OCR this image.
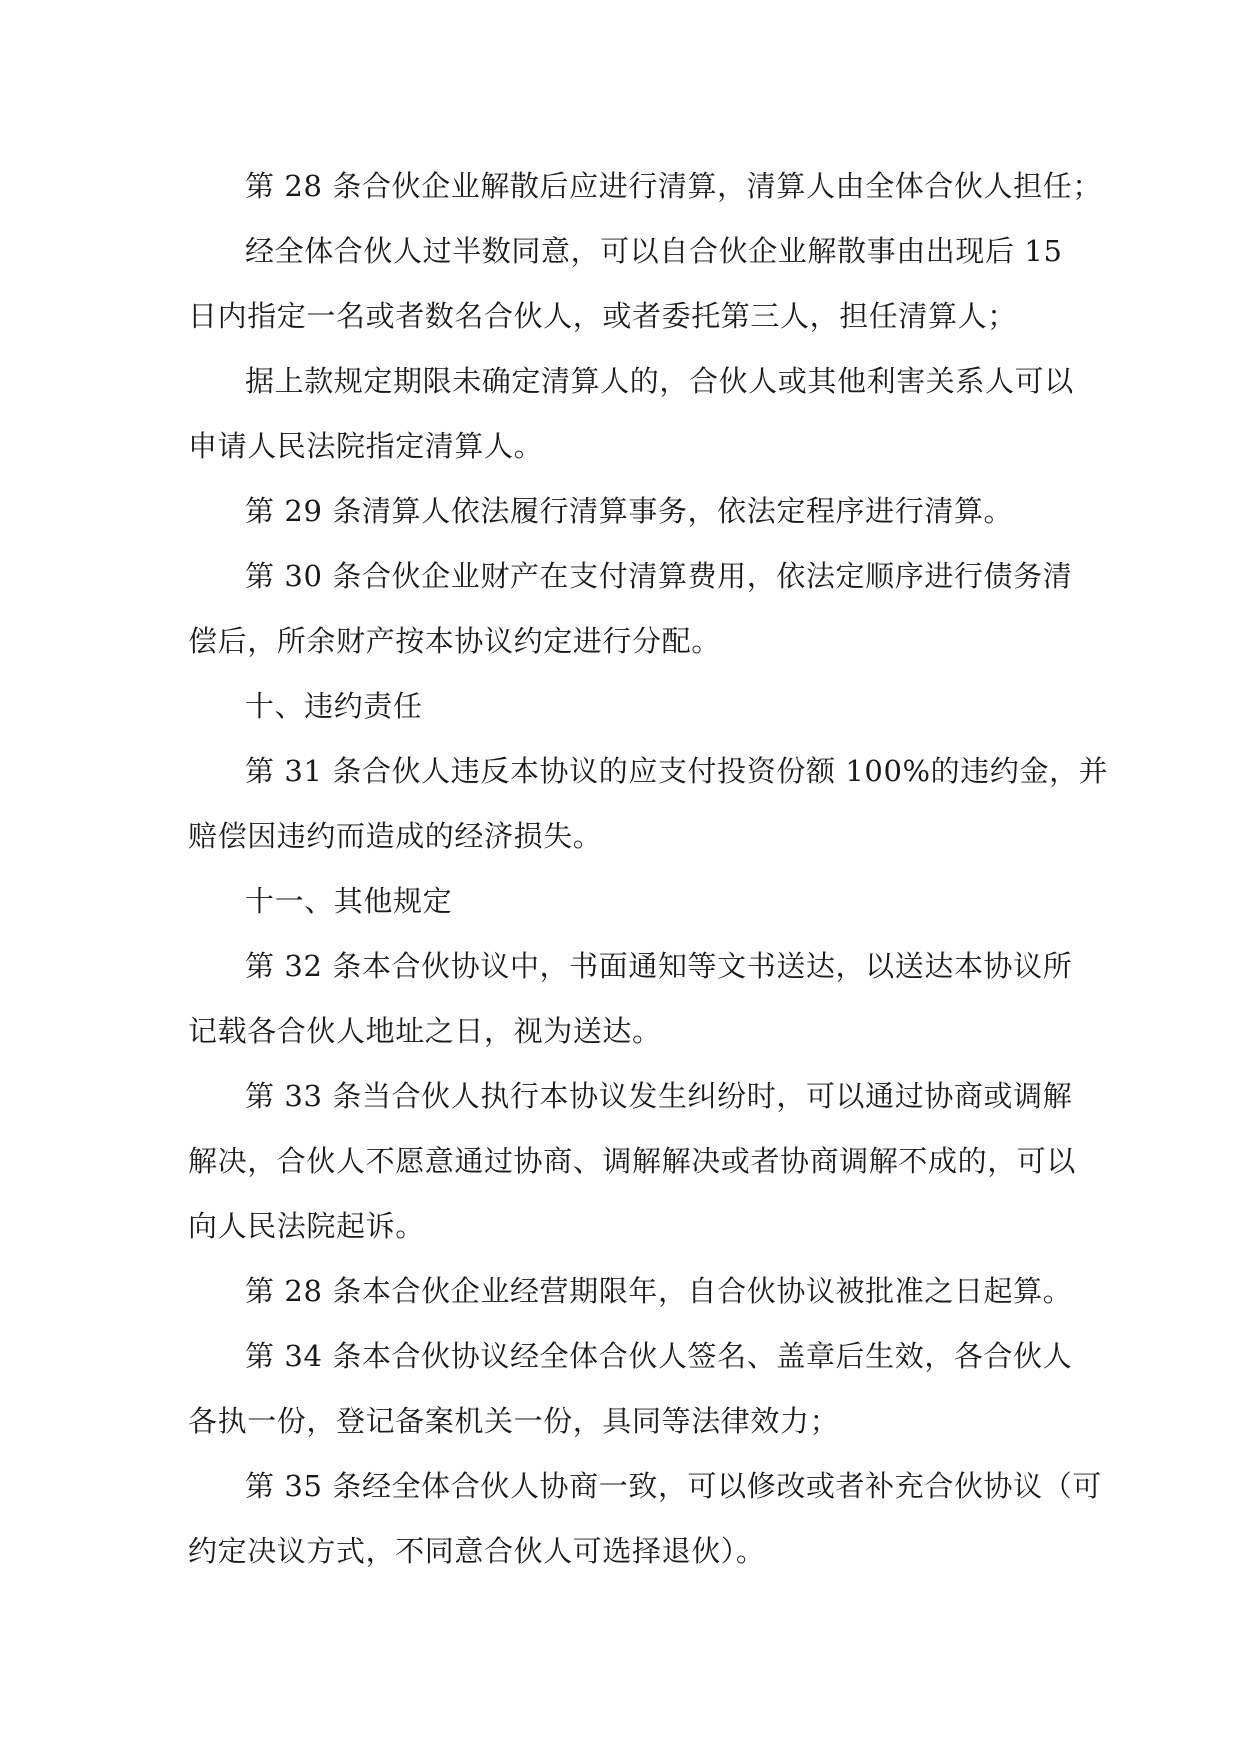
第 28 条合伙企业解散后应进行清算，清算人由全体合伙人担任；
经全体合伙人过半数同意，可以自合伙企业解散事由出现后 15
日内指定一名或者数名合伙人，或者委托第三人，担任清算人；
据上款规定期限未确定清算人的，合伙人或其他利害关系人可以
申请人民法院指定清算人。
第 29 条清算人依法履行清算事务，依法定程序进行清算。
第 30 条合伙企业财产在支付清算费用，依法定顺序进行债务清
偿后，所余财产按本协议约定进行分配。
十、违约责任
第 31 条合伙人违反本协议的应支付投资份额 100%的违约金，并
赔偿因违约而造成的经济损失。
十一、其他规定
第 32 条本合伙协议中，书面通知等文书送达，以送达本协议所
记载各合伙人地址之日，视为送达。
第 33 条当合伙人执行本协议发生纠纷时，可以通过协商或调解
解决，合伙人不愿意通过协商、调解解决或者协商调解不成的，可以
向人民法院起诉。
第 28 条本合伙企业经营期限年，自合伙协议被批准之日起算。
第 34 条本合伙协议经全体合伙人签名、盖章后生效，各合伙人
各执一份，登记备案机关一份，具同等法律效力；
第 35 条经全体合伙人协商一致，可以修改或者补充合伙协议（可
约定决议方式，不同意合伙人可选择退伙）。
